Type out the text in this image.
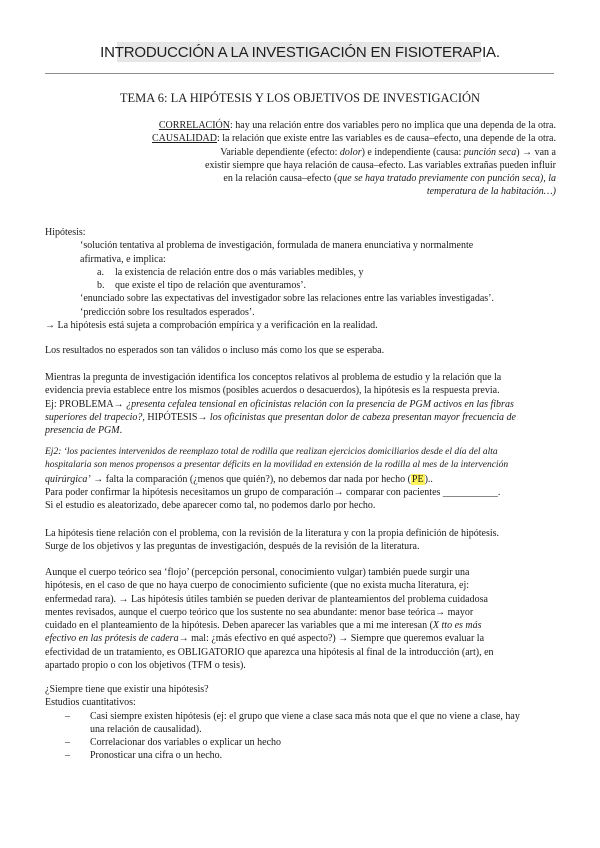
INTRODUCCIÓN A LA INVESTIGACIÓN EN FISIOTERAPIA.
TEMA 6: LA HIPÓTESIS Y LOS OBJETIVOS DE INVESTIGACIÓN
CORRELACIÓN: hay una relación entre dos variables pero no implica que una dependa de la otra.
CAUSALIDAD: la relación que existe entre las variables es de causa–efecto, una depende de la otra.
Variable dependiente (efecto: dolor) e independiente (causa: punción seca) → van a
existir siempre que haya relación de causa–efecto. Las variables extrañas pueden influir
en la relación causa–efecto (que se haya tratado previamente con punción seca), la
temperatura de la habitación…)

Hipótesis:

‘solución tentativa al problema de investigación, formulada de manera enunciativa y normalmente

afirmativa, e implica:

a. la existencia de relación entre dos o más variables medibles, y

b. que existe el tipo de relación que aventuramos’.

‘enunciado sobre las expectativas del investigador sobre las relaciones entre las variables investigadas’.

‘predicción sobre los resultados esperados’.

→ La hipótesis está sujeta a comprobación empírica y a verificación en la realidad.

Los resultados no esperados son tan válidos o incluso más como los que se esperaba.

Mientras la pregunta de investigación identifica los conceptos relativos al problema de estudio y la relación que la

evidencia previa establece entre los mismos (posibles acuerdos o desacuerdos), la hipótesis es la respuesta previa.

Ej: PROBLEMA→ ¿presenta cefalea tensional en oficinistas relación con la presencia de PGM activos en las fibras

superiores del trapecio?, HIPÓTESIS→ los oficinistas que presentan dolor de cabeza presentan mayor frecuencia de

presencia de PGM.

Ej2: ‘los pacientes intervenidos de reemplazo total de rodilla que realizan ejercicios domiciliarios desde el día del alta

hospitalaria son menos propensos a presentar déficits en la movilidad en extensión de la rodilla al mes de la intervención

quirúrgica’ → falta la comparación (¿menos que quién?), no debemos dar nada por hecho (PE)..

Para poder confirmar la hipótesis necesitamos un grupo de comparación→ comparar con pacientes ___________.

Si el estudio es aleatorizado, debe aparecer como tal, no podemos darlo por hecho.

La hipótesis tiene relación con el problema, con la revisión de la literatura y con la propia definición de hipótesis.

Surge de los objetivos y las preguntas de investigación, después de la revisión de la literatura.

Aunque el cuerpo teórico sea ‘flojo’ (percepción personal, conocimiento vulgar) también puede surgir una

hipótesis, en el caso de que no haya cuerpo de conocimiento suficiente (que no exista mucha literatura, ej:

enfermedad rara). → Las hipótesis útiles también se pueden derivar de planteamientos del problema cuidadosa

mentes revisados, aunque el cuerpo teórico que los sustente no sea abundante: menor base teórica→ mayor

cuidado en el planteamiento de la hipótesis. Deben aparecer las variables que a mi me interesan (X tto es más

efectivo en las prótesis de cadera→ mal: ¿más efectivo en qué aspecto?) → Siempre que queremos evaluar la

efectividad de un tratamiento, es OBLIGATORIO que aparezca una hipótesis al final de la introducción (art), en

apartado propio o con los objetivos (TFM o tesis).

¿Siempre tiene que existir una hipótesis?

Estudios cuantitativos:

– Casi siempre existen hipótesis (ej: el grupo que viene a clase saca más nota que el que no viene a clase, hay

una relación de causalidad).

– Correlacionar dos variables o explicar un hecho

– Pronosticar una cifra o un hecho.
